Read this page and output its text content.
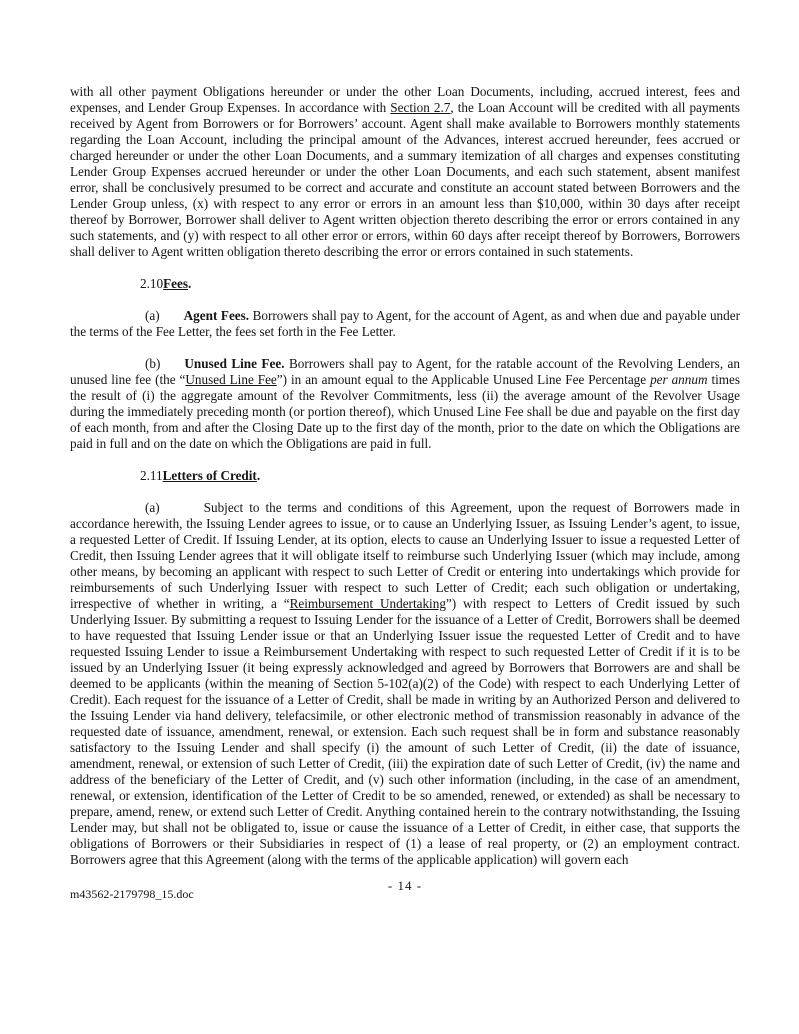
with all other payment Obligations hereunder or under the other Loan Documents, including, accrued interest, fees and expenses, and Lender Group Expenses. In accordance with Section 2.7, the Loan Account will be credited with all payments received by Agent from Borrowers or for Borrowers’ account. Agent shall make available to Borrowers monthly statements regarding the Loan Account, including the principal amount of the Advances, interest accrued hereunder, fees accrued or charged hereunder or under the other Loan Documents, and a summary itemization of all charges and expenses constituting Lender Group Expenses accrued hereunder or under the other Loan Documents, and each such statement, absent manifest error, shall be conclusively presumed to be correct and accurate and constitute an account stated between Borrowers and the Lender Group unless, (x) with respect to any error or errors in an amount less than $10,000, within 30 days after receipt thereof by Borrower, Borrower shall deliver to Agent written objection thereto describing the error or errors contained in any such statements, and (y) with respect to all other error or errors, within 60 days after receipt thereof by Borrowers, Borrowers shall deliver to Agent written obligation thereto describing the error or errors contained in such statements.

2.10Fees.

(a) Agent Fees. Borrowers shall pay to Agent, for the account of Agent, as and when due and payable under the terms of the Fee Letter, the fees set forth in the Fee Letter.

(b) Unused Line Fee. Borrowers shall pay to Agent, for the ratable account of the Revolving Lenders, an unused line fee (the “Unused Line Fee”) in an amount equal to the Applicable Unused Line Fee Percentage per annum times the result of (i) the aggregate amount of the Revolver Commitments, less (ii) the average amount of the Revolver Usage during the immediately preceding month (or portion thereof), which Unused Line Fee shall be due and payable on the first day of each month, from and after the Closing Date up to the first day of the month, prior to the date on which the Obligations are paid in full and on the date on which the Obligations are paid in full.

2.11Letters of Credit.

(a)	Subject to the terms and conditions of this Agreement, upon the request of Borrowers made in accordance herewith, the Issuing Lender agrees to issue, or to cause an Underlying Issuer, as Issuing Lender’s agent, to issue, a requested Letter of Credit. If Issuing Lender, at its option, elects to cause an Underlying Issuer to issue a requested Letter of Credit, then Issuing Lender agrees that it will obligate itself to reimburse such Underlying Issuer (which may include, among other means, by becoming an applicant with respect to such Letter of Credit or entering into undertakings which provide for reimbursements of such Underlying Issuer with respect to such Letter of Credit; each such obligation or undertaking, irrespective of whether in writing, a “Reimbursement Undertaking”) with respect to Letters of Credit issued by such Underlying Issuer. By submitting a request to Issuing Lender for the issuance of a Letter of Credit, Borrowers shall be deemed to have requested that Issuing Lender issue or that an Underlying Issuer issue the requested Letter of Credit and to have requested Issuing Lender to issue a Reimbursement Undertaking with respect to such requested Letter of Credit if it is to be issued by an Underlying Issuer (it being expressly acknowledged and agreed by Borrowers that Borrowers are and shall be deemed to be applicants (within the meaning of Section 5-102(a)(2) of the Code) with respect to each Underlying Letter of Credit). Each request for the issuance of a Letter of Credit, shall be made in writing by an Authorized Person and delivered to the Issuing Lender via hand delivery, telefacsimile, or other electronic method of transmission reasonably in advance of the requested date of issuance, amendment, renewal, or extension. Each such request shall be in form and substance reasonably satisfactory to the Issuing Lender and shall specify (i) the amount of such Letter of Credit, (ii) the date of issuance, amendment, renewal, or extension of such Letter of Credit, (iii) the expiration date of such Letter of Credit, (iv) the name and address of the beneficiary of the Letter of Credit, and (v) such other information (including, in the case of an amendment, renewal, or extension, identification of the Letter of Credit to be so amended, renewed, or extended) as shall be necessary to prepare, amend, renew, or extend such Letter of Credit. Anything contained herein to the contrary notwithstanding, the Issuing Lender may, but shall not be obligated to, issue or cause the issuance of a Letter of Credit, in either case, that supports the obligations of Borrowers or their Subsidiaries in respect of (1) a lease of real property, or (2) an employment contract. Borrowers agree that this Agreement (along with the terms of the applicable application) will govern each

- 14 -
m43562-2179798_15.doc
